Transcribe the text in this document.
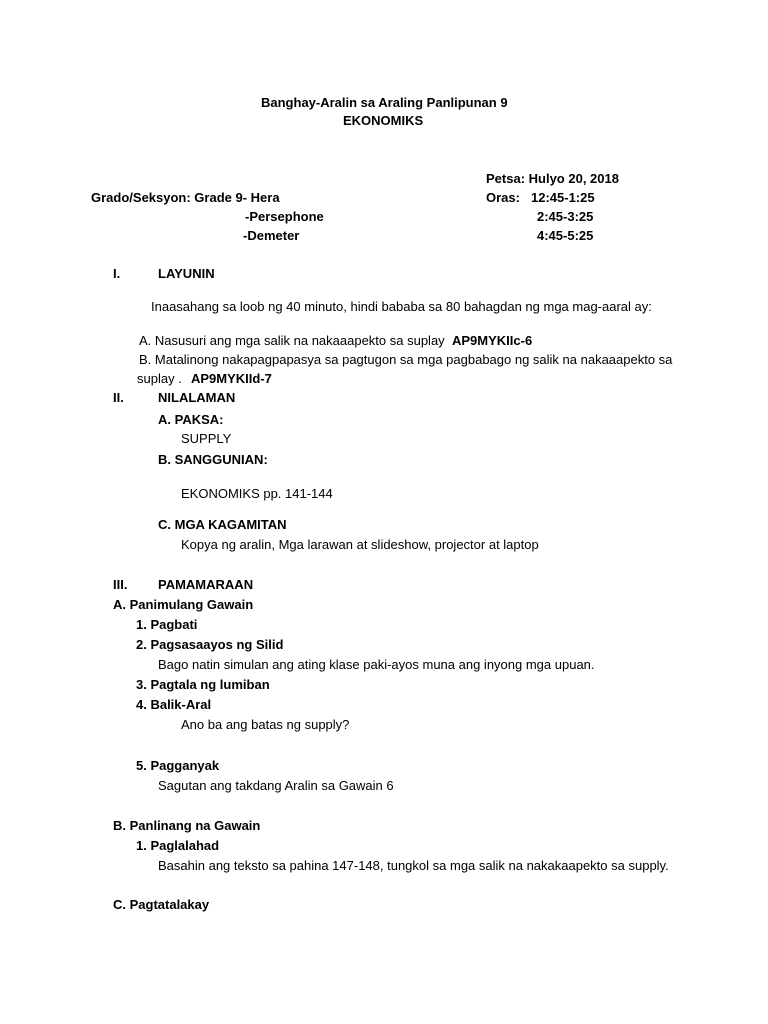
Banghay-Aralin sa Araling Panlipunan 9
EKONOMIKS
Petsa: Hulyo 20, 2018
Grado/Seksyon: Grade 9- Hera	Oras: 12:45-1:25
-Persephone	2:45-3:25
-Demeter	4:45-5:25
I.	LAYUNIN
Inaasahang sa loob ng 40 minuto, hindi bababa sa 80 bahagdan ng mga mag-aaral ay:
A. Nasusuri ang mga salik na nakaaapekto sa suplay AP9MYKIIc-6
B. Matalinong nakapagpapasya sa pagtugon sa mga pagbabago ng salik na nakaaapekto sa
suplay . AP9MYKIId-7
II.	NILALAMAN
A. PAKSA:
SUPPLY
B. SANGGUNIAN:
EKONOMIKS pp. 141-144
C. MGA KAGAMITAN
Kopya ng aralin, Mga larawan at slideshow, projector at laptop
III. PAMAMARAAN
A. Panimulang Gawain
1. Pagbati
2. Pagsasaayos ng Silid
Bago natin simulan ang ating klase paki-ayos muna ang inyong mga upuan.
3. Pagtala ng lumiban
4. Balik-Aral
Ano ba ang batas ng supply?
5. Pagganyak
Sagutan ang takdang Aralin sa Gawain 6
B. Panlinang na Gawain
1. Paglalahad
Basahin ang teksto sa pahina 147-148, tungkol sa mga salik na nakakaapekto sa supply.
C. Pagtatalakay
